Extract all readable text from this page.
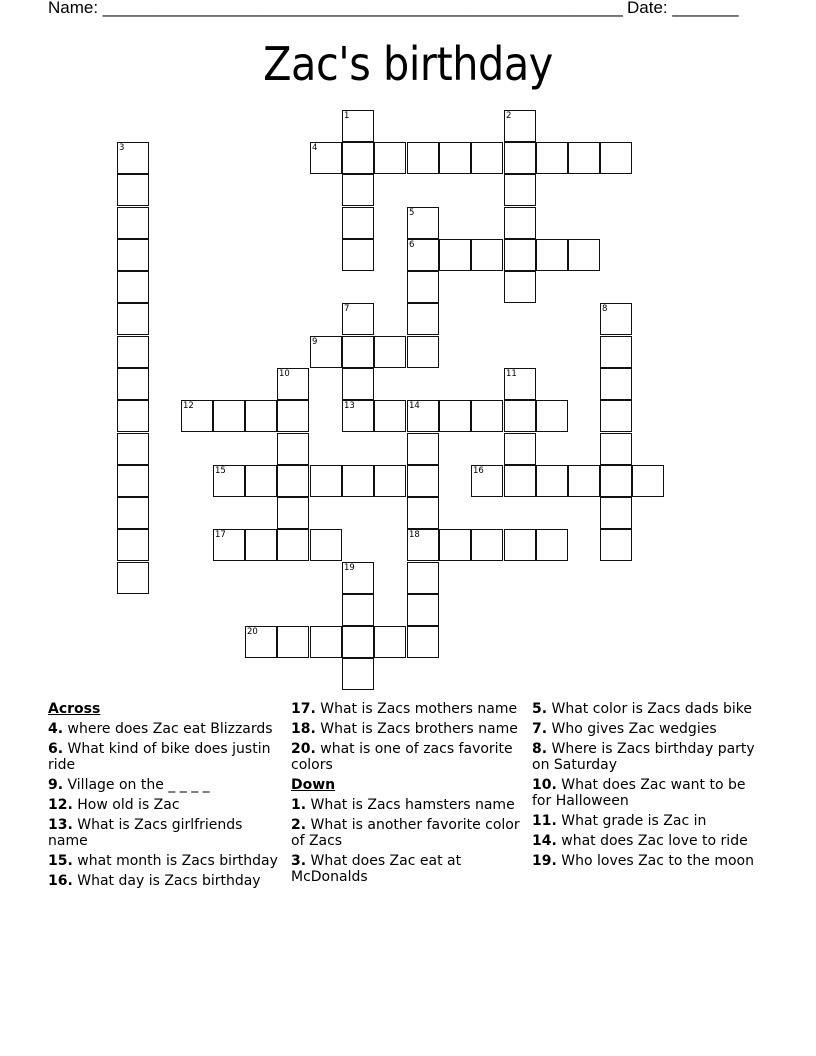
Name: _______________________________________________________ Date: _______
Zac's birthday
1	2
3	4
5
6
7
13
8
9
10	11
12	14
18
15	16
17
19
20
Across
4. where does Zac eat Blizzards
6. What kind of bike does justin ride
9. Village on the _ _ _ _
12. How old is Zac
13. What is Zacs girlfriends name
15. what month is Zacs birthday
16. What day is Zacs birthday
17. What is Zacs mothers name
18. What is Zacs brothers name
20. what is one of zacs favorite colors
Down
1. What is Zacs hamsters name
2. What is another favorite color of Zacs
3. What does Zac eat at McDonalds
5. What color is Zacs dads bike
7. Who gives Zac wedgies
8. Where is Zacs birthday party on Saturday
10. What does Zac want to be for Halloween
11. What grade is Zac in
14. what does Zac love to ride
19. Who loves Zac to the moon
